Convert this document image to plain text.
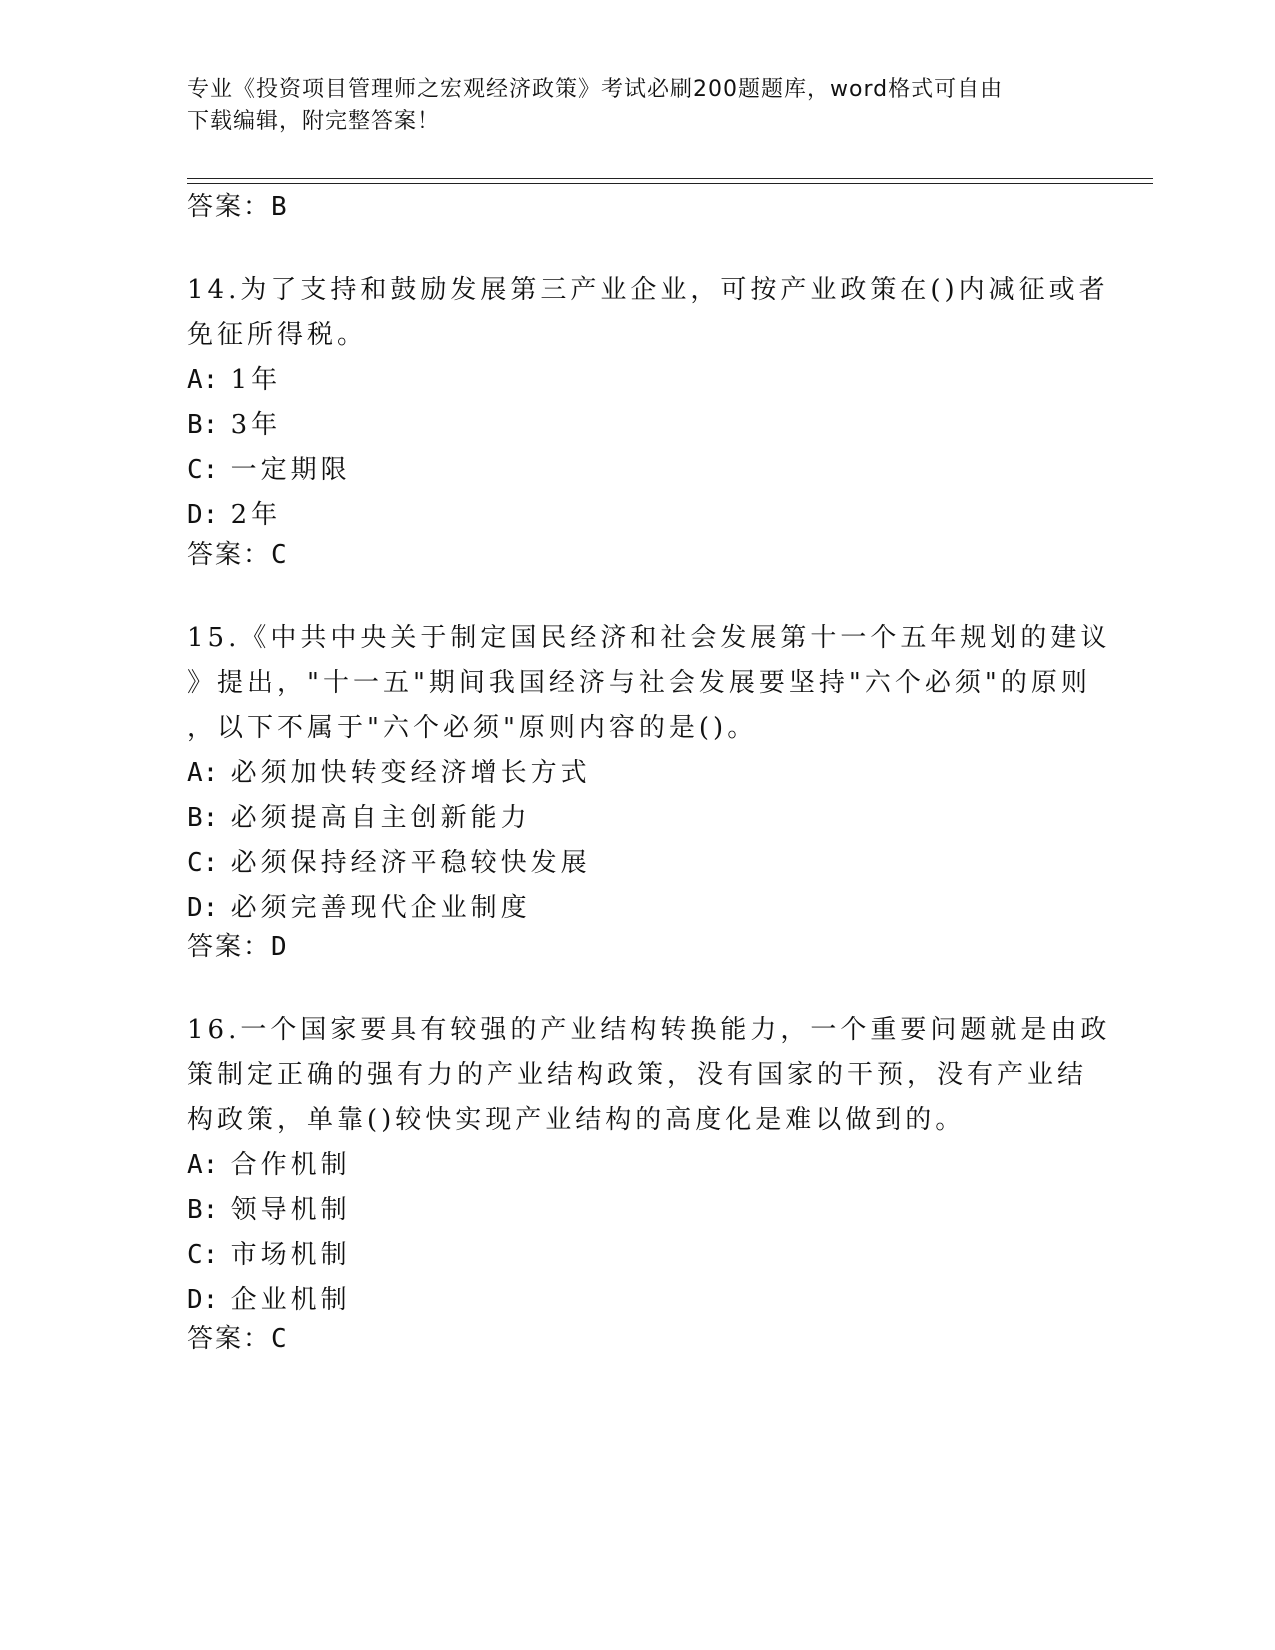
专业《投资项目管理师之宏观经济政策》考试必刷200题题库，word格式可自由
下载编辑，附完整答案！
答案：B
14.为了支持和鼓励发展第三产业企业，可按产业政策在()内减征或者
免征所得税。
A: 1年
B: 3年
C: 一定期限
D: 2年
答案：C
15.《中共中央关于制定国民经济和社会发展第十一个五年规划的建议
》提出，"十一五"期间我国经济与社会发展要坚持"六个必须"的原则
，以下不属于"六个必须"原则内容的是()。
A: 必须加快转变经济增长方式
B: 必须提高自主创新能力
C: 必须保持经济平稳较快发展
D: 必须完善现代企业制度
答案：D
16.一个国家要具有较强的产业结构转换能力，一个重要问题就是由政
策制定正确的强有力的产业结构政策，没有国家的干预，没有产业结
构政策，单靠()较快实现产业结构的高度化是难以做到的。
A: 合作机制
B: 领导机制
C: 市场机制
D: 企业机制
答案：C
